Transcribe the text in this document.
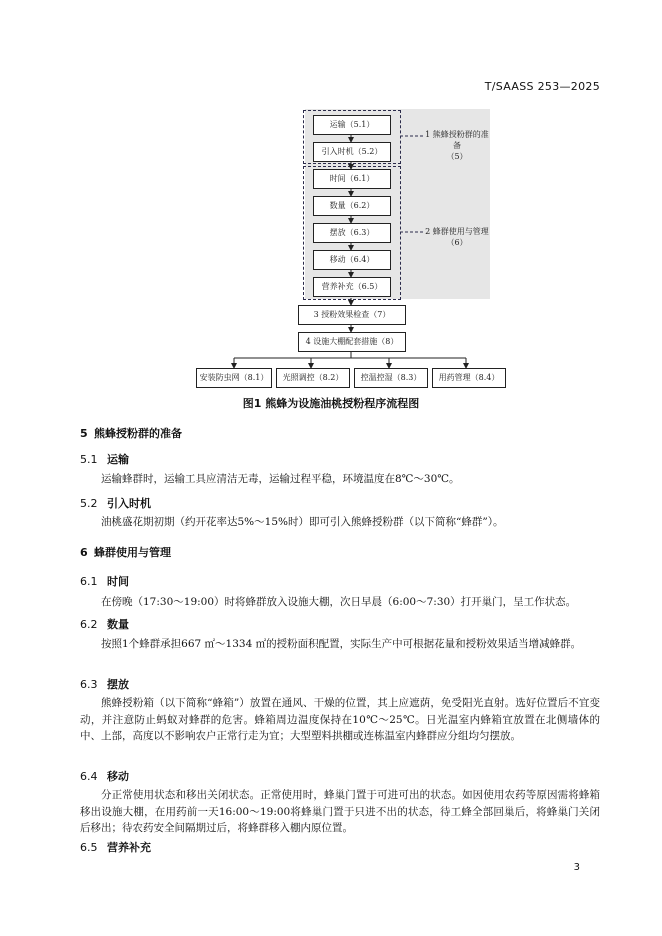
T/SAASS 253—2025
运输（5.1）
引入时机（5.2）
时间（6.1）
数量（6.2）
摆放（6.3）
移动（6.4）
营养补充（6.5）
3 授粉效果检查（7）
4 设施大棚配套措施（8）
1 熊蜂授粉群的准备
（5）
2 蜂群使用与管理
（6）
安装防虫网（8.1）	光照调控（8.2）	控温控湿（8.3）	用药管理（8.4）
图1 熊蜂为设施油桃授粉程序流程图
5 熊蜂授粉群的准备
5.1 运输
运输蜂群时，运输工具应清洁无毒，运输过程平稳，环境温度在8℃～30℃。
5.2 引入时机
油桃盛花期初期（约开花率达5%～15%时）即可引入熊蜂授粉群（以下简称“蜂群”）。
6 蜂群使用与管理
6.1 时间
在傍晚（17:30～19:00）时将蜂群放入设施大棚，次日早晨（6:00～7:30）打开巢门，呈工作状态。
6.2 数量
按照1个蜂群承担667 ㎡～1334 ㎡的授粉面积配置，实际生产中可根据花量和授粉效果适当增减蜂群。
6.3 摆放
熊蜂授粉箱（以下简称“蜂箱”）放置在通风、干燥的位置，其上应遮荫，免受阳光直射。选好位置后不宜变动，并注意防止蚂蚁对蜂群的危害。蜂箱周边温度保持在10℃～25℃。日光温室内蜂箱宜放置在北侧墙体的中、上部，高度以不影响农户正常行走为宜；大型塑料拱棚或连栋温室内蜂群应分组均匀摆放。
6.4 移动
分正常使用状态和移出关闭状态。正常使用时，蜂巢门置于可进可出的状态。如因使用农药等原因需将蜂箱移出设施大棚，在用药前一天16:00～19:00将蜂巢门置于只进不出的状态，待工蜂全部回巢后，将蜂巢门关闭后移出；待农药安全间隔期过后，将蜂群移入棚内原位置。
6.5 营养补充
3
